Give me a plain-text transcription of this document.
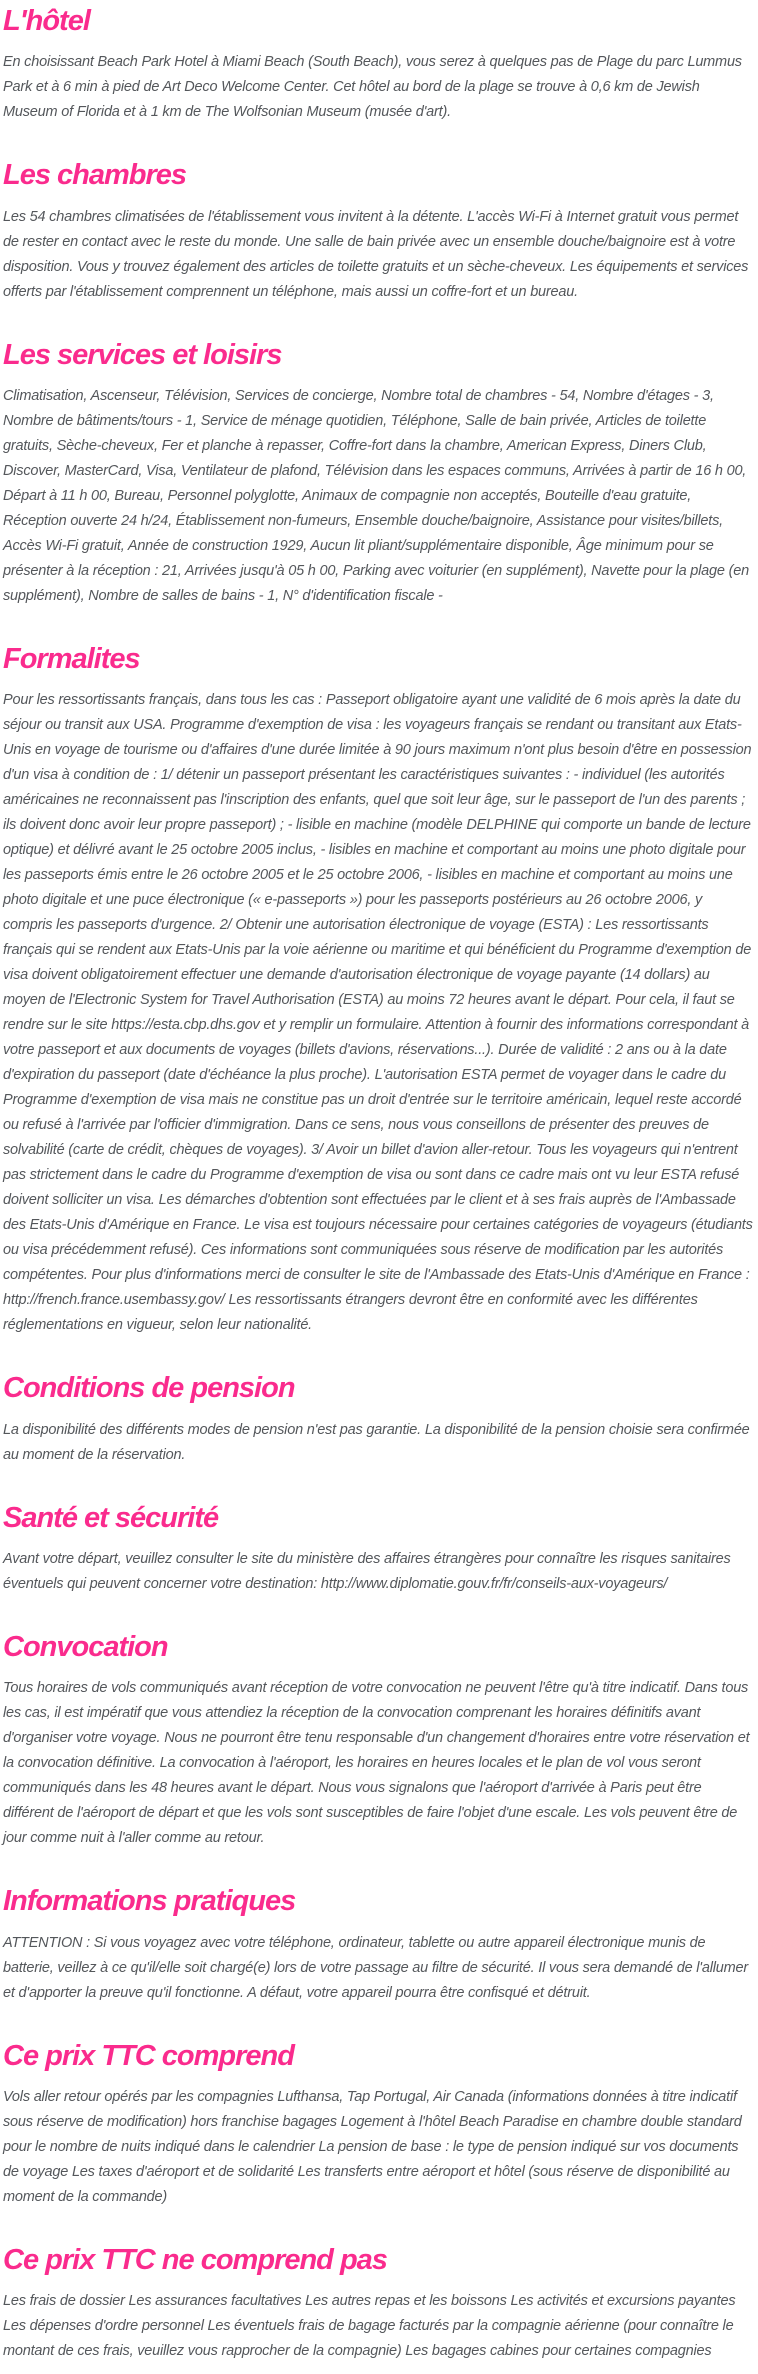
L'hôtel

En choisissant Beach Park Hotel à Miami Beach (South Beach), vous serez à quelques pas de Plage du parc Lummus Park et à 6 min à pied de Art Deco Welcome Center. Cet hôtel au bord de la plage se trouve à 0,6 km de Jewish Museum of Florida et à 1 km de The Wolfsonian Museum (musée d'art).

Les chambres

Les 54 chambres climatisées de l'établissement vous invitent à la détente. L'accès Wi-Fi à Internet gratuit vous permet de rester en contact avec le reste du monde. Une salle de bain privée avec un ensemble douche/baignoire est à votre disposition. Vous y trouvez également des articles de toilette gratuits et un sèche-cheveux. Les équipements et services offerts par l'établissement comprennent un téléphone, mais aussi un coffre-fort et un bureau.

Les services et loisirs

Climatisation, Ascenseur, Télévision, Services de concierge, Nombre total de chambres - 54, Nombre d'étages - 3, Nombre de bâtiments/tours - 1, Service de ménage quotidien, Téléphone, Salle de bain privée, Articles de toilette gratuits, Sèche-cheveux, Fer et planche à repasser, Coffre-fort dans la chambre, American Express, Diners Club, Discover, MasterCard, Visa, Ventilateur de plafond, Télévision dans les espaces communs, Arrivées à partir de 16 h 00, Départ à 11 h 00, Bureau, Personnel polyglotte, Animaux de compagnie non acceptés, Bouteille d'eau gratuite, Réception ouverte 24 h/24, Établissement non-fumeurs, Ensemble douche/baignoire, Assistance pour visites/billets, Accès Wi-Fi gratuit, Année de construction 1929, Aucun lit pliant/supplémentaire disponible, Âge minimum pour se présenter à la réception : 21, Arrivées jusqu'à 05 h 00, Parking avec voiturier (en supplément), Navette pour la plage (en supplément), Nombre de salles de bains - 1, N° d'identification fiscale -

Formalites

Pour les ressortissants français, dans tous les cas : Passeport obligatoire ayant une validité de 6 mois après la date du séjour ou transit aux USA. Programme d'exemption de visa : les voyageurs français se rendant ou transitant aux Etats-Unis en voyage de tourisme ou d'affaires d'une durée limitée à 90 jours maximum n'ont plus besoin d'être en possession d'un visa à condition de : 1/ détenir un passeport présentant les caractéristiques suivantes : - individuel (les autorités américaines ne reconnaissent pas l'inscription des enfants, quel que soit leur âge, sur le passeport de l'un des parents ; ils doivent donc avoir leur propre passeport) ; - lisible en machine (modèle DELPHINE qui comporte un bande de lecture optique) et délivré avant le 25 octobre 2005 inclus, - lisibles en machine et comportant au moins une photo digitale pour les passeports émis entre le 26 octobre 2005 et le 25 octobre 2006, - lisibles en machine et comportant au moins une photo digitale et une puce électronique (« e-passeports ») pour les passeports postérieurs au 26 octobre 2006, y compris les passeports d'urgence. 2/ Obtenir une autorisation électronique de voyage (ESTA) : Les ressortissants français qui se rendent aux Etats-Unis par la voie aérienne ou maritime et qui bénéficient du Programme d'exemption de visa doivent obligatoirement effectuer une demande d'autorisation électronique de voyage payante (14 dollars) au moyen de l'Electronic System for Travel Authorisation (ESTA) au moins 72 heures avant le départ. Pour cela, il faut se rendre sur le site https://esta.cbp.dhs.gov et y remplir un formulaire. Attention à fournir des informations correspondant à votre passeport et aux documents de voyages (billets d'avions, réservations...). Durée de validité : 2 ans ou à la date d'expiration du passeport (date d'échéance la plus proche). L'autorisation ESTA permet de voyager dans le cadre du Programme d'exemption de visa mais ne constitue pas un droit d'entrée sur le territoire américain, lequel reste accordé ou refusé à l'arrivée par l'officier d'immigration. Dans ce sens, nous vous conseillons de présenter des preuves de solvabilité (carte de crédit, chèques de voyages). 3/ Avoir un billet d'avion aller-retour. Tous les voyageurs qui n'entrent pas strictement dans le cadre du Programme d'exemption de visa ou sont dans ce cadre mais ont vu leur ESTA refusé doivent solliciter un visa. Les démarches d'obtention sont effectuées par le client et à ses frais auprès de l'Ambassade des Etats-Unis d'Amérique en France. Le visa est toujours nécessaire pour certaines catégories de voyageurs (étudiants ou visa précédemment refusé). Ces informations sont communiquées sous réserve de modification par les autorités compétentes. Pour plus d'informations merci de consulter le site de l'Ambassade des Etats-Unis d'Amérique en France : http://french.france.usembassy.gov/ Les ressortissants étrangers devront être en conformité avec les différentes réglementations en vigueur, selon leur nationalité.

Conditions de pension

La disponibilité des différents modes de pension n'est pas garantie. La disponibilité de la pension choisie sera confirmée au moment de la réservation.

Santé et sécurité

Avant votre départ, veuillez consulter le site du ministère des affaires étrangères pour connaître les risques sanitaires éventuels qui peuvent concerner votre destination: http://www.diplomatie.gouv.fr/fr/conseils-aux-voyageurs/

Convocation

Tous horaires de vols communiqués avant réception de votre convocation ne peuvent l'être qu'à titre indicatif. Dans tous les cas, il est impératif que vous attendiez la réception de la convocation comprenant les horaires définitifs avant d'organiser votre voyage. Nous ne pourront être tenu responsable d'un changement d'horaires entre votre réservation et la convocation définitive. La convocation à l'aéroport, les horaires en heures locales et le plan de vol vous seront communiqués dans les 48 heures avant le départ. Nous vous signalons que l'aéroport d'arrivée à Paris peut être différent de l'aéroport de départ et que les vols sont susceptibles de faire l'objet d'une escale. Les vols peuvent être de jour comme nuit à l'aller comme au retour.

Informations pratiques

ATTENTION : Si vous voyagez avec votre téléphone, ordinateur, tablette ou autre appareil électronique munis de batterie, veillez à ce qu'il/elle soit chargé(e) lors de votre passage au filtre de sécurité. Il vous sera demandé de l'allumer et d'apporter la preuve qu'il fonctionne. A défaut, votre appareil pourra être confisqué et détruit.

Ce prix TTC comprend

Vols aller retour opérés par les compagnies Lufthansa, Tap Portugal, Air Canada (informations données à titre indicatif sous réserve de modification) hors franchise bagages Logement à l'hôtel Beach Paradise en chambre double standard pour le nombre de nuits indiqué dans le calendrier La pension de base : le type de pension indiqué sur vos documents de voyage Les taxes d'aéroport et de solidarité Les transferts entre aéroport et hôtel (sous réserve de disponibilité au moment de la commande)

Ce prix TTC ne comprend pas

Les frais de dossier Les assurances facultatives Les autres repas et les boissons Les activités et excursions payantes Les dépenses d'ordre personnel Les éventuels frais de bagage facturés par la compagnie aérienne (pour connaître le montant de ces frais, veuillez vous rapprocher de la compagnie) Les bagages cabines pour certaines compagnies
